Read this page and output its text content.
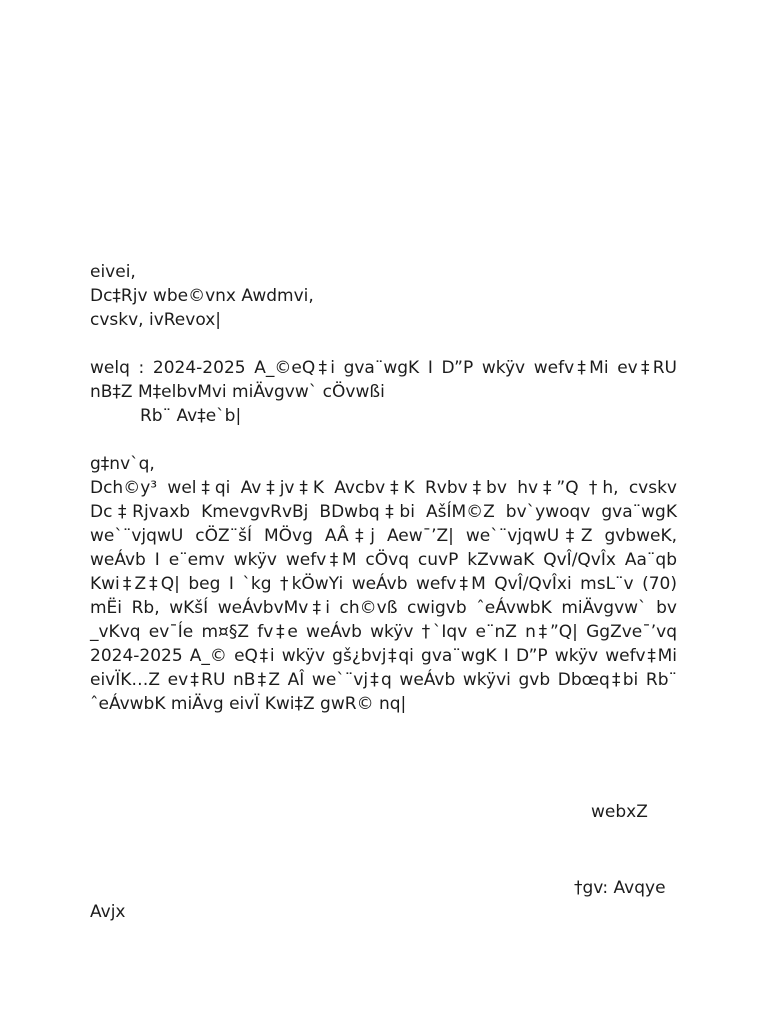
eivei,
Dc‡Rjv wbe©vnx Awdmvi,
cvskv, ivRevox|
welq : 2024-2025 A_©eQ‡i gva¨wgK I D”P wkÿv wefv‡Mi ev‡RU
nB‡Z M‡elbvMvi miÄvgvw` cÖvwßi
Rb¨ Av‡e`b|
g‡nv`q,
Dch©y³ wel‡qi Av‡jv‡K Avcbv‡K Rvbv‡bv hv‡”Q †h, cvskv
Dc‡Rjvaxb KmevgvRvBj BDwbq‡bi AšÍM©Z bv`ywoqv gva¨wgK
we`¨vjqwU cÖZ¨šÍ MÖvg AÂ‡j Aew¯’Z| we`¨vjqwU‡Z gvbweK,
weÁvb I e¨emv wkÿv wefv‡M cÖvq cuvP kZvwaK QvÎ/QvÎx Aa¨qb
Kwi‡Z‡Q| beg I `kg †kÖwYi weÁvb wefv‡M QvÎ/QvÎxi msL¨v (70)
mËi Rb, wKšÍ weÁvbvMv‡i ch©vß cwigvb ˆeÁvwbK miÄvgvw` bv
_vKvq ev¯Íe m¤§Z fv‡e weÁvb wkÿv †`Iqv e¨nZ n‡”Q| GgZve¯’vq
2024-2025 A_© eQ‡i wkÿv gš¿bvj‡qi gva¨wgK I D”P wkÿv wefv‡Mi
eivÏK…Z ev‡RU nB‡Z AÎ we`¨vj‡q weÁvb wkÿvi gvb Dbœq‡bi Rb¨
ˆeÁvwbK miÄvg eivÏ Kwi‡Z gwR© nq|
webxZ
†gv: Avqye
Avjx
